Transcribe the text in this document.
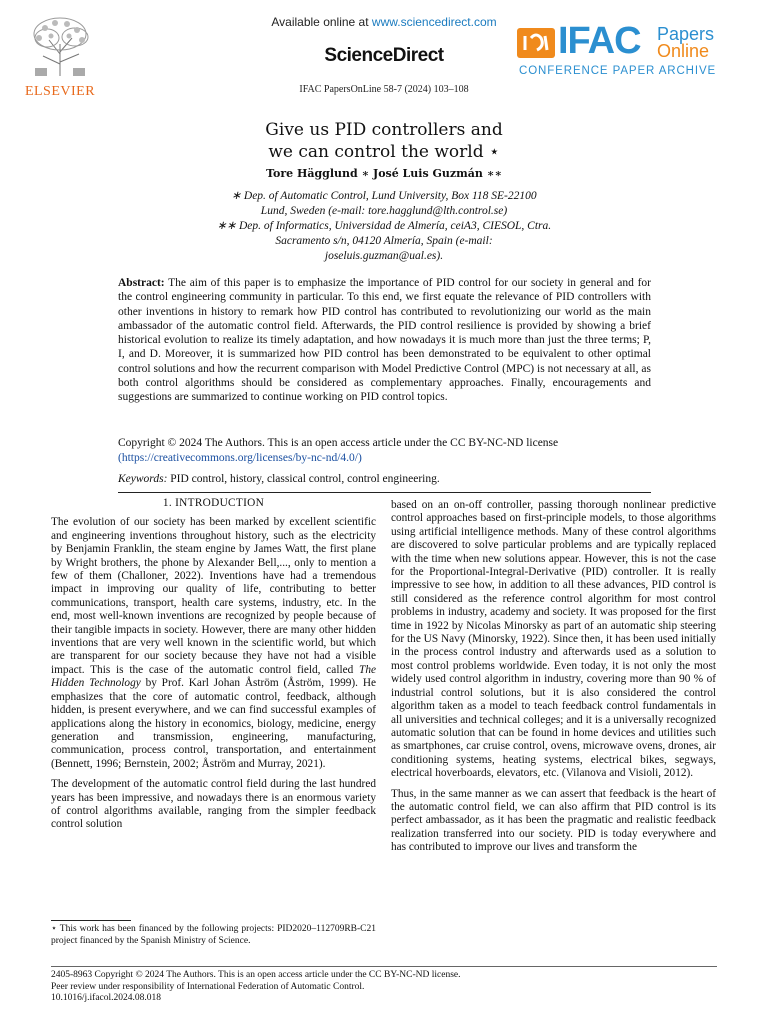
ELSEVIER
Available online at www.sciencedirect.com
ScienceDirect
IFAC PapersOnLine 58-7 (2024) 103–108
IFAC Papers
Online
CONFERENCE PAPER ARCHIVE
Give us PID controllers and
we can control the world ⋆
Tore Hägglund ∗ José Luis Guzmán ∗∗
∗ Dep. of Automatic Control, Lund University, Box 118 SE-22100
Lund, Sweden (e-mail: tore.hagglund@lth.control.se)
∗∗ Dep. of Informatics, Universidad de Almería, ceiA3, CIESOL, Ctra.
Sacramento s/n, 04120 Almería, Spain (e-mail:
joseluis.guzman@ual.es).
Abstract: The aim of this paper is to emphasize the importance of PID control for our society in general and for the control engineering community in particular. To this end, we first equate the relevance of PID controllers with other inventions in history to remark how PID control has contributed to revolutionizing our world as the main ambassador of the automatic control field. Afterwards, the PID control resilience is provided by showing a brief historical evolution to realize its timely adaptation, and how nowadays it is much more than just the three terms; P, I, and D. Moreover, it is summarized how PID control has been demonstrated to be equivalent to other optimal control solutions and how the recurrent comparison with Model Predictive Control (MPC) is not necessary at all, as both control algorithms should be considered as complementary approaches. Finally, encouragements and suggestions are summarized to continue working on PID control topics.
Copyright © 2024 The Authors. This is an open access article under the CC BY-NC-ND license
(https://creativecommons.org/licenses/by-nc-nd/4.0/)
Keywords: PID control, history, classical control, control engineering.
1. INTRODUCTION

The evolution of our society has been marked by excellent scientific and engineering inventions throughout history, such as the electricity by Benjamin Franklin, the steam engine by James Watt, the first plane by Wright brothers, the phone by Alexander Bell,..., only to mention a few of them (Challoner, 2022). Inventions have had a tremendous impact in improving our quality of life, contributing to better communications, transport, health care systems, industry, etc. In the end, most well-known inventions are recognized by people because of their tangible impacts in society. However, there are many other hidden inventions that are very well known in the scientific world, but which are transparent for our society because they have not had a visible impact. This is the case of the automatic control field, called The Hidden Technology by Prof. Karl Johan Åström (Åström, 1999). He emphasizes that the core of automatic control, feedback, although hidden, is present everywhere, and we can find successful examples of applications along the history in economics, biology, medicine, energy generation and transmission, engineering, manufacturing, communication, process control, transportation, and entertainment (Bennett, 1996; Bernstein, 2002; Åström and Murray, 2021).

The development of the automatic control field during the last hundred years has been impressive, and nowadays there is an enormous variety of control algorithms available, ranging from the simpler feedback control solution

based on an on-off controller, passing thorough nonlinear predictive control approaches based on first-principle models, to those algorithms using artificial intelligence methods. Many of these control algorithms are discovered to solve particular problems and are typically replaced with the time when new solutions appear. However, this is not the case for the Proportional-Integral-Derivative (PID) controller. It is really impressive to see how, in addition to all these advances, PID control is still considered as the reference control algorithm for most control problems in industry, academy and society. It was proposed for the first time in 1922 by Nicolas Minorsky as part of an automatic ship steering for the US Navy (Minorsky, 1922). Since then, it has been used initially in the process control industry and afterwards used as a solution to most control problems worldwide. Even today, it is not only the most widely used control algorithm in industry, covering more than 90 % of industrial control solutions, but it is also considered the control algorithm taken as a model to teach feedback control fundamentals in all universities and technical colleges; and it is a universally recognized automatic solution that can be found in home devices and utilities such as smartphones, car cruise control, ovens, microwave ovens, drones, air conditioning systems, heating systems, electrical bikes, segways, electrical hoverboards, elevators, etc. (Vilanova and Visioli, 2012).

Thus, in the same manner as we can assert that feedback is the heart of the automatic control field, we can also affirm that PID control is its perfect ambassador, as it has been the pragmatic and realistic feedback realization transferred into our society. PID is today everywhere and has contributed to improve our lives and transform the

⋆ This work has been financed by the following projects: PID2020–112709RB-C21 project financed by the Spanish Ministry of Science.
2405-8963 Copyright © 2024 The Authors. This is an open access article under the CC BY-NC-ND license.
Peer review under responsibility of International Federation of Automatic Control.
10.1016/j.ifacol.2024.08.018
